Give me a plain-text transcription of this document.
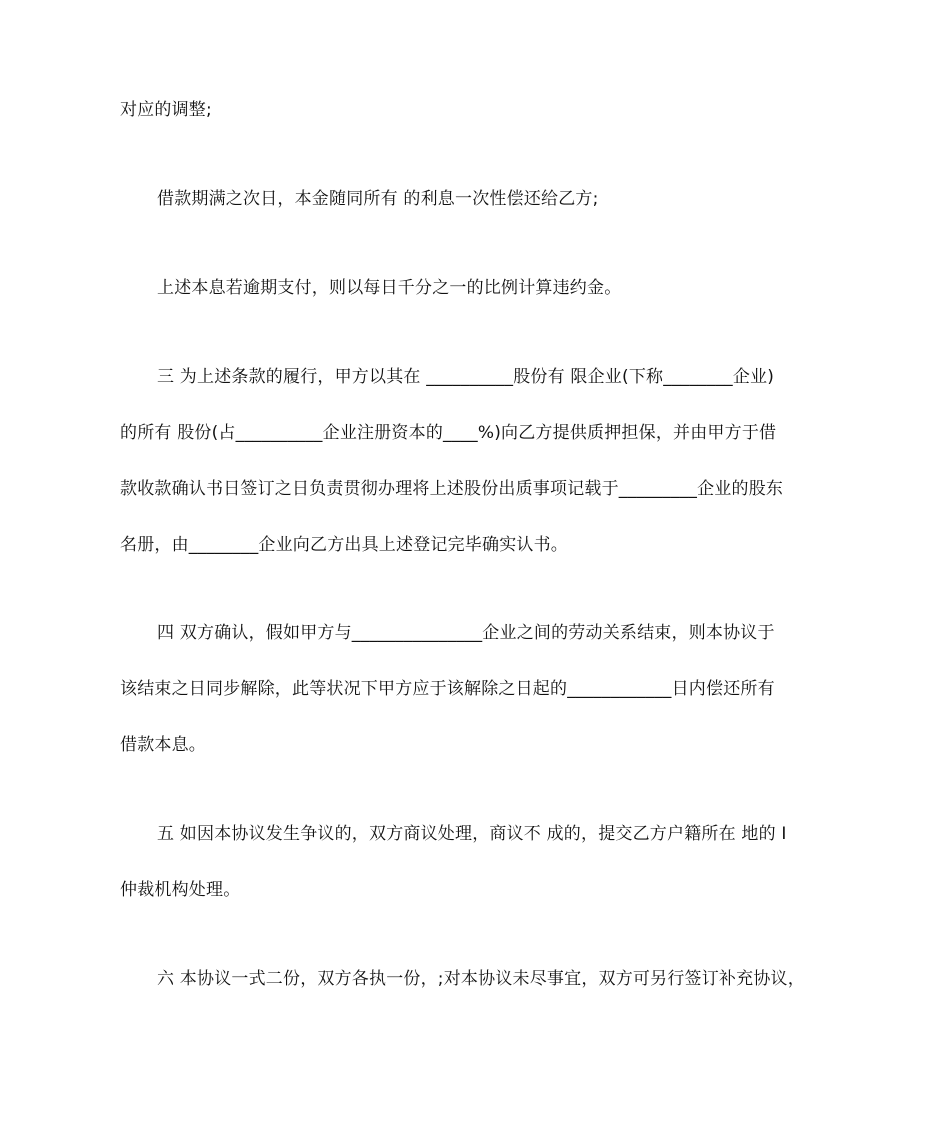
对应的调整;
借款期满之次日，本金随同所有 的利息一次性偿还给乙方;
上述本息若逾期支付，则以每日千分之一的比例计算违约金。
三 为上述条款的履行，甲方以其在 __________股份有 限企业(下称________企业)
的所有 股份(占__________企业注册资本的____%)向乙方提供质押担保，并由甲方于借
款收款确认书日签订之日负责贯彻办理将上述股份出质事项记载于_________企业的股东
名册，由________企业向乙方出具上述登记完毕确实认书。
四 双方确认，假如甲方与_______________企业之间的劳动关系结束，则本协议于
该结束之日同步解除，此等状况下甲方应于该解除之日起的____________日内偿还所有
借款本息。
五 如因本协议发生争议的，双方商议处理，商议不 成的，提交乙方户籍所在 地的 I
仲裁机构处理。
六 本协议一式二份，双方各执一份，;对本协议未尽事宜，双方可另行签订补充协议，
